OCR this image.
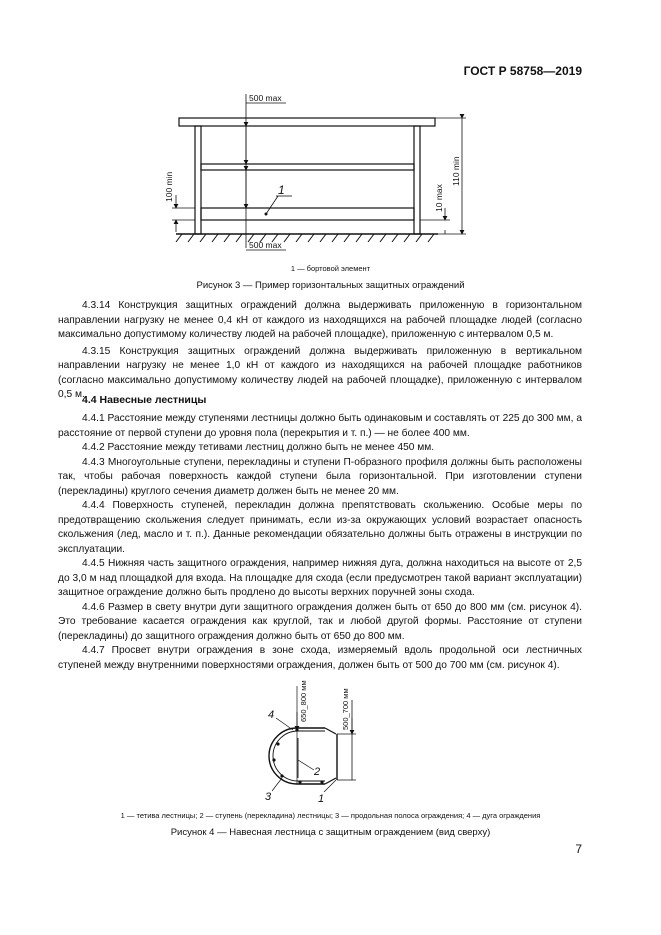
ГОСТ Р 58758—2019
500 max
500 max
100 min	10 max
110 min
1
1 — бортовой элемент
Рисунок 3 — Пример горизонтальных защитных ограждений

4.3.14 Конструкция защитных ограждений должна выдерживать приложенную в горизонтальном направлении нагрузку не менее 0,4 кН от каждого из находящихся на рабочей площадке людей (согласно максимально допустимому количеству людей на рабочей площадке), приложенную с интервалом 0,5 м.

4.3.15 Конструкция защитных ограждений должна выдерживать приложенную в вертикальном направлении нагрузку не менее 1,0 кН от каждого из находящихся на рабочей площадке работников (согласно максимально допустимому количеству людей на рабочей площадке), приложенную с интервалом 0,5 м.

4.4 Навесные лестницы

4.4.1 Расстояние между ступенями лестницы должно быть одинаковым и составлять от 225 до 300 мм, а расстояние от первой ступени до уровня пола (перекрытия и т. п.) — не более 400 мм.

4.4.2 Расстояние между тетивами лестниц должно быть не менее 450 мм.

4.4.3 Многоугольные ступени, перекладины и ступени П-образного профиля должны быть расположены так, чтобы рабочая поверхность каждой ступени была горизонтальной. При изготовлении ступени (перекладины) круглого сечения диаметр должен быть не менее 20 мм.

4.4.4 Поверхность ступеней, перекладин должна препятствовать скольжению. Особые меры по предотвращению скольжения следует принимать, если из-за окружающих условий возрастает опасность скольжения (лед, масло и т. п.). Данные рекомендации обязательно должны быть отражены в инструкции по эксплуатации.

4.4.5 Нижняя часть защитного ограждения, например нижняя дуга, должна находиться на высоте от 2,5 до 3,0 м над площадкой для входа. На площадке для схода (если предусмотрен такой вариант эксплуатации) защитное ограждение должно быть продлено до высоты верхних поручней зоны схода.

4.4.6 Размер в свету внутри дуги защитного ограждения должен быть от 650 до 800 мм (см. рисунок 4). Это требование касается ограждения как круглой, так и любой другой формы. Расстояние от ступени (перекладины) до защитного ограждения должно быть от 650 до 800 мм.

4.4.7 Просвет внутри ограждения в зоне схода, измеряемый вдоль продольной оси лестничных ступеней между внутренними поверхностями ограждения, должен быть от 500 до 700 мм (см. рисунок 4).

650_800 мм	500_700 мм
4
2
3	1
1 — тетива лестницы; 2 — ступень (перекладина) лестницы; 3 — продольная полоса ограждения; 4 — дуга ограждения
Рисунок 4 — Навесная лестница с защитным ограждением (вид сверху)
7
